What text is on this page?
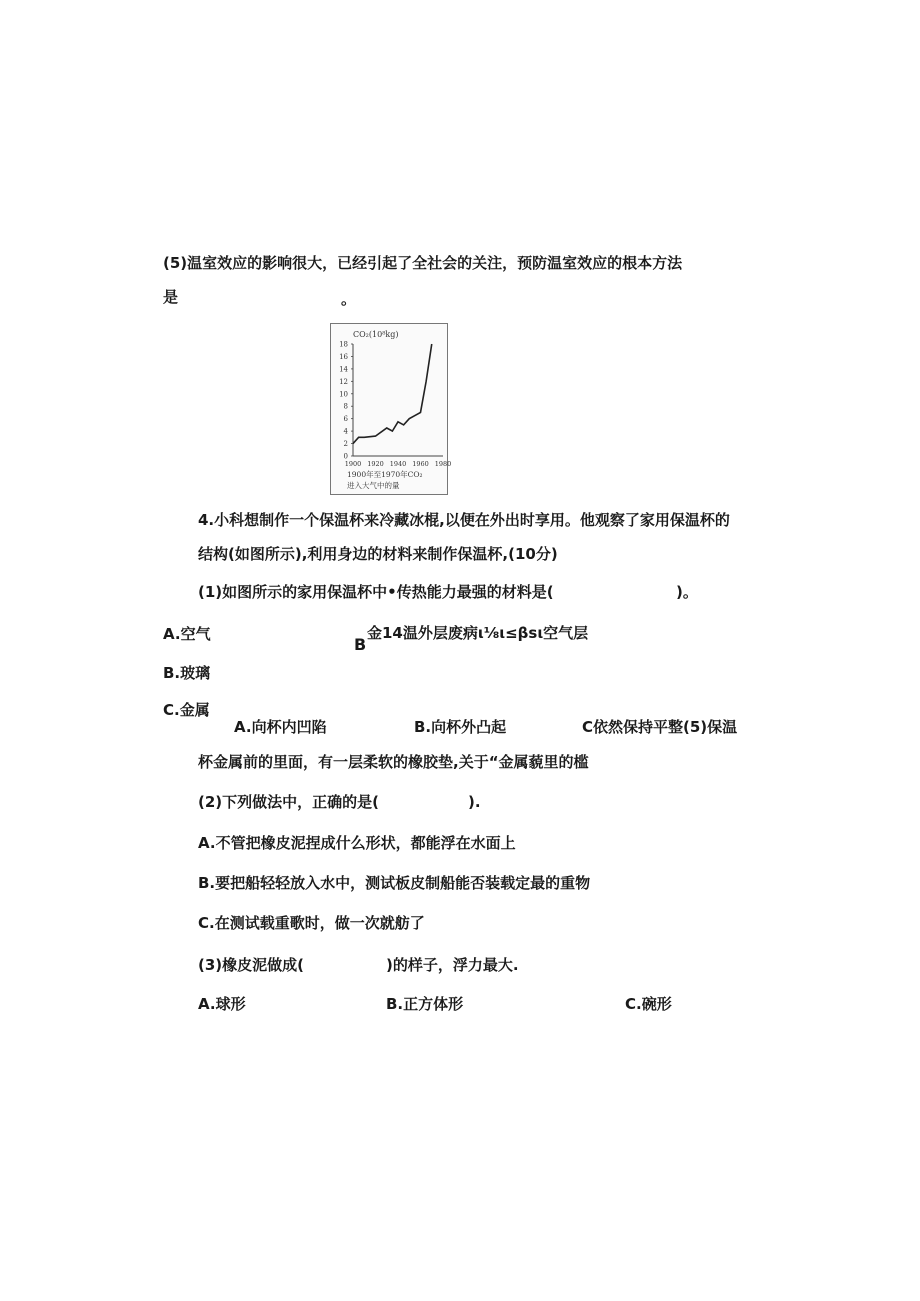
(5)温室效应的影响很大，已经引起了全社会的关注，预防温室效应的根本方法
是	。
CO₂(10⁸kg)
0
2
4
6
8
10
12
14
16
18
1900 1920 1940 1960 1980
1900年至1970年CO₂
进入大气中的量
4.小科想制作一个保温杯来冷藏冰棍,以便在外出时享用。他观察了家用保温杯的
结构(如图所示),利用身边的材料来制作保温杯,(10分)
(1)如图所示的家用保温杯中•传热能力最强的材料是(	)。
A.空气
B
金14温外层废病ι⅛ι≤βsι空气层
B.玻璃
C.金属
A.向杯内凹陷	B.向杯外凸起	C依然保持平整(5)保温
杯金属前的里面，有一层柔软的橡胶垫,关于“金属藐里的槛
(2)下列做法中，正确的是(	).
A.不管把橡皮泥捏成什么形状，都能浮在水面上
B.要把船轻轻放入水中，测试板皮制船能否装载定最的重物
C.在测试载重歌时，做一次就舫了
(3)橡皮泥做成(	)的样子，浮力最大.
A.球形	B.正方体形	C.碗形
